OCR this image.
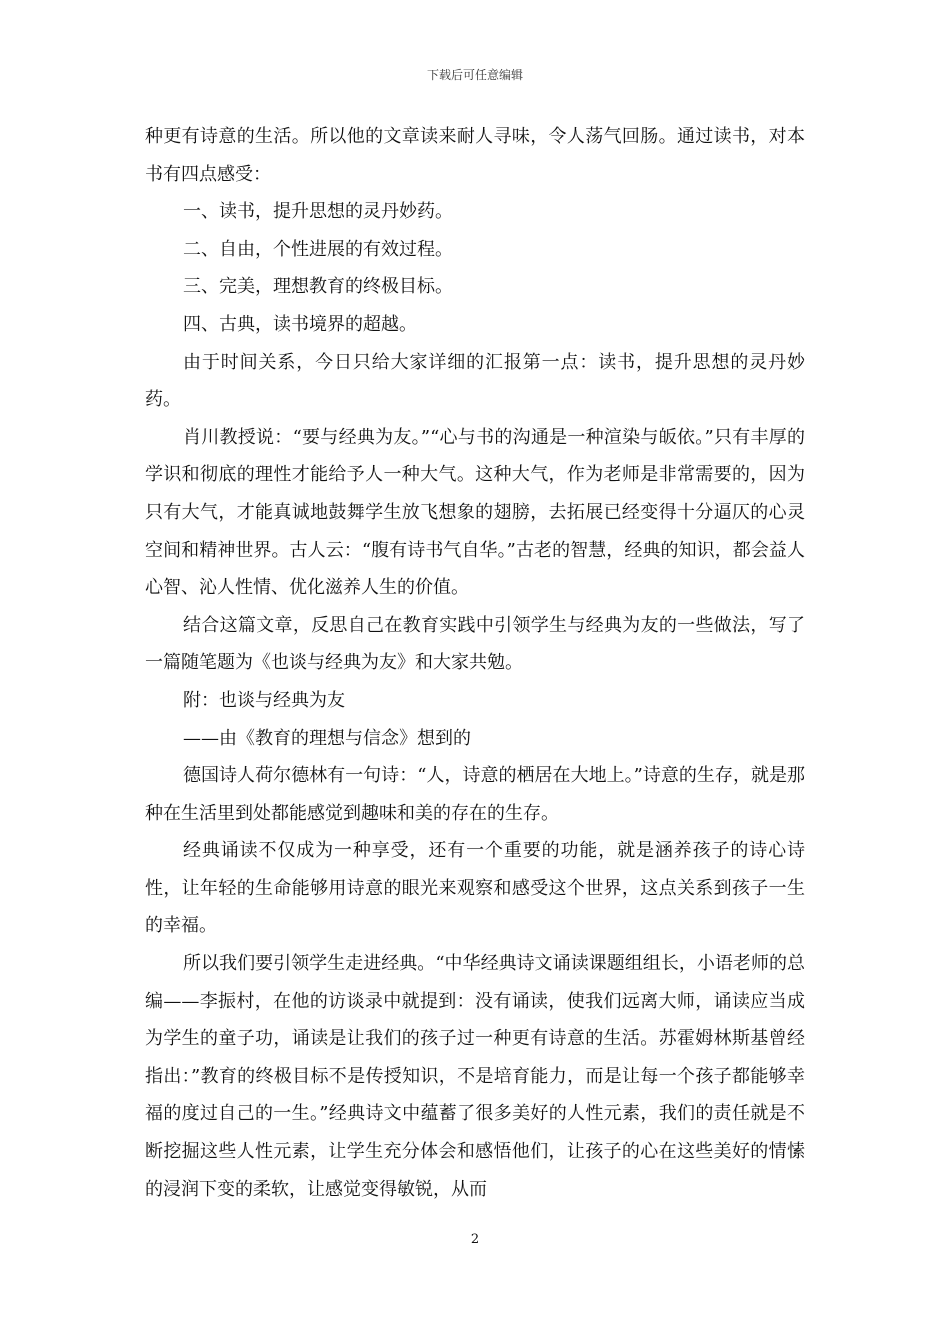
下载后可任意编辑

种更有诗意的生活。所以他的文章读来耐人寻味，令人荡气回肠。通过读书，对本书有四点感受：

一、读书，提升思想的灵丹妙药。

二、自由，个性进展的有效过程。

三、完美，理想教育的终极目标。

四、古典，读书境界的超越。

由于时间关系，今日只给大家详细的汇报第一点：读书，提升思想的灵丹妙药。

肖川教授说：“要与经典为友。”“心与书的沟通是一种渲染与皈依。”只有丰厚的学识和彻底的理性才能给予人一种大气。这种大气，作为老师是非常需要的，因为只有大气，才能真诚地鼓舞学生放飞想象的翅膀，去拓展已经变得十分逼仄的心灵空间和精神世界。古人云：“腹有诗书气自华。”古老的智慧，经典的知识，都会益人心智、沁人性情、优化滋养人生的价值。

结合这篇文章，反思自己在教育实践中引领学生与经典为友的一些做法，写了一篇随笔题为《也谈与经典为友》和大家共勉。

附：也谈与经典为友

——由《教育的理想与信念》想到的

德国诗人荷尔德林有一句诗：“人，诗意的栖居在大地上。”诗意的生存，就是那种在生活里到处都能感觉到趣味和美的存在的生存。

经典诵读不仅成为一种享受，还有一个重要的功能，就是涵养孩子的诗心诗性，让年轻的生命能够用诗意的眼光来观察和感受这个世界，这点关系到孩子一生的幸福。

所以我们要引领学生走进经典。“中华经典诗文诵读课题组组长，小语老师的总编——李振村，在他的访谈录中就提到：没有诵读，使我们远离大师，诵读应当成为学生的童子功，诵读是让我们的孩子过一种更有诗意的生活。苏霍姆林斯基曾经指出：”教育的终极目标不是传授知识，不是培育能力，而是让每一个孩子都能够幸福的度过自己的一生。”经典诗文中蕴蓄了很多美好的人性元素，我们的责任就是不断挖掘这些人性元素，让学生充分体会和感悟他们，让孩子的心在这些美好的情愫的浸润下变的柔软，让感觉变得敏锐，从而

2
